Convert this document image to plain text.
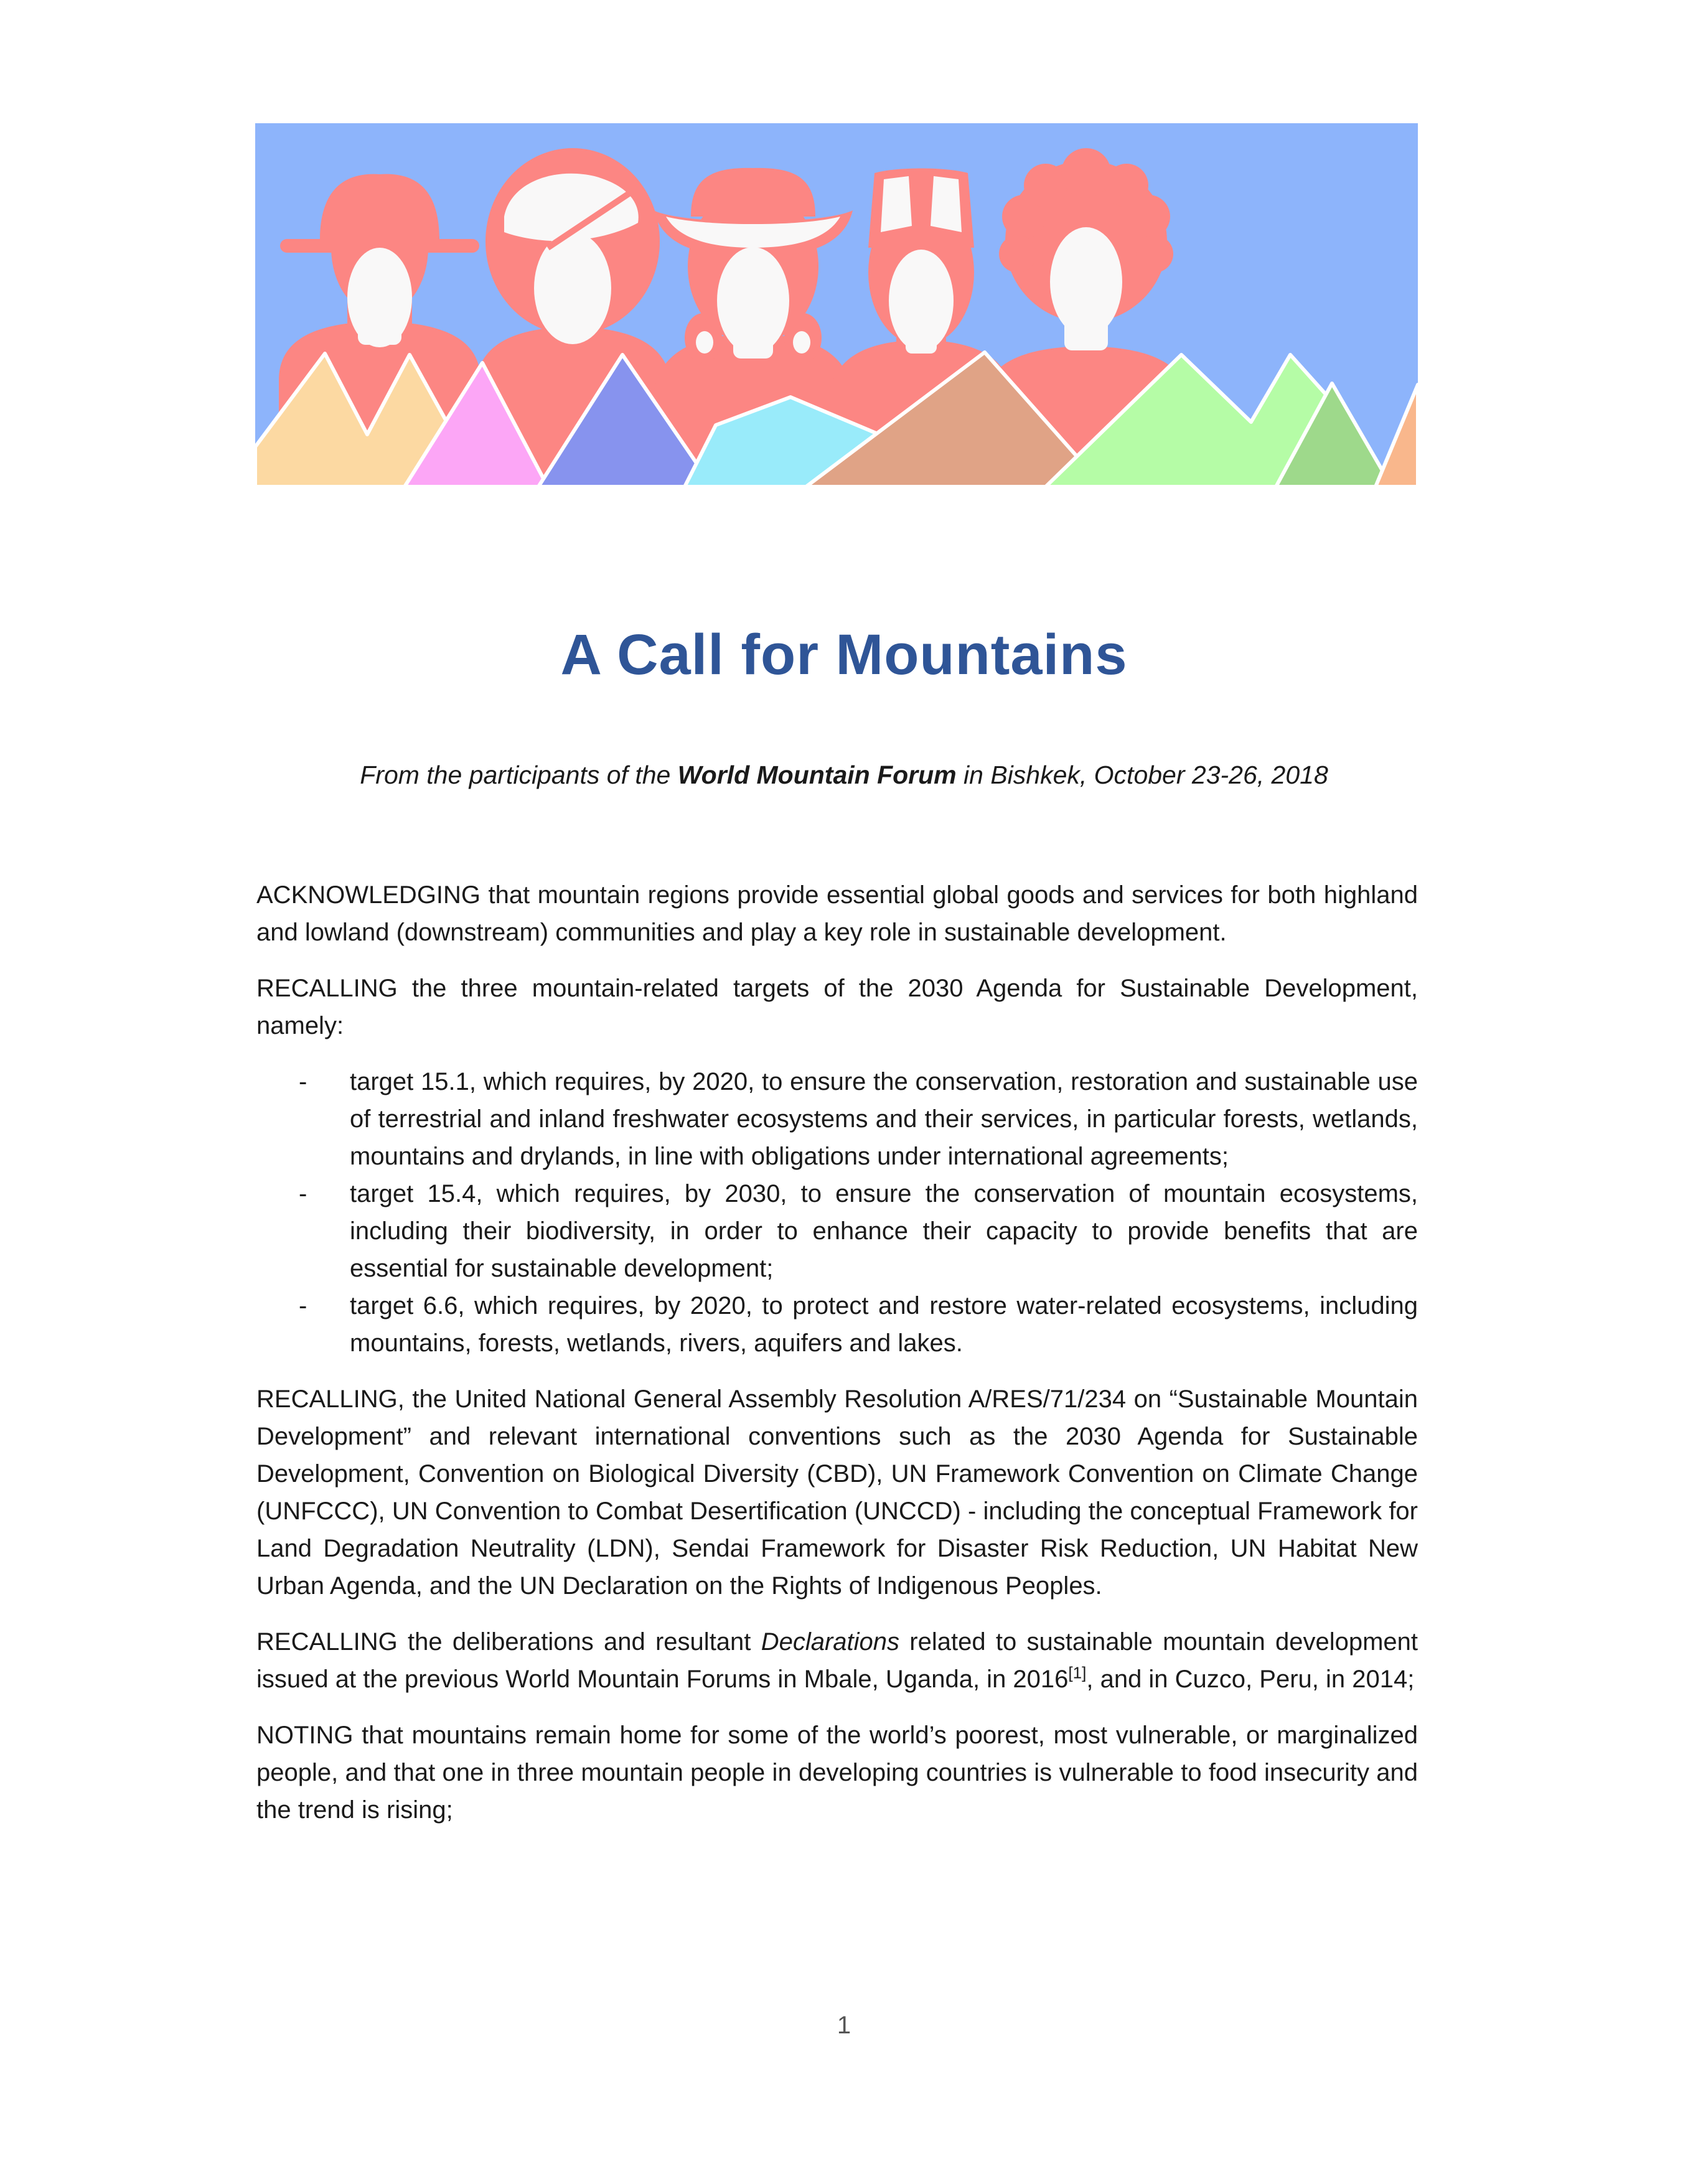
A Call for Mountains

From the participants of the World Mountain Forum in Bishkek, October 23-26, 2018

ACKNOWLEDGING that mountain regions provide essential global goods and services for both highland and lowland (downstream) communities and play a key role in sustainable development.

RECALLING the three mountain-related targets of the 2030 Agenda for Sustainable Development, namely:

- target 15.1, which requires, by 2020, to ensure the conservation, restoration and sustainable use of terrestrial and inland freshwater ecosystems and their services, in particular forests, wetlands, mountains and drylands, in line with obligations under international agreements;
- target 15.4, which requires, by 2030, to ensure the conservation of mountain ecosystems, including their biodiversity, in order to enhance their capacity to provide benefits that are essential for sustainable development;
- target 6.6, which requires, by 2020, to protect and restore water-related ecosystems, including mountains, forests, wetlands, rivers, aquifers and lakes.

RECALLING, the United National General Assembly Resolution A/RES/71/234 on “Sustainable Mountain Development” and relevant international conventions such as the 2030 Agenda for Sustainable Development, Convention on Biological Diversity (CBD), UN Framework Convention on Climate Change (UNFCCC), UN Convention to Combat Desertification (UNCCD) - including the conceptual Framework for Land Degradation Neutrality (LDN), Sendai Framework for Disaster Risk Reduction, UN Habitat New Urban Agenda, and the UN Declaration on the Rights of Indigenous Peoples.

RECALLING the deliberations and resultant Declarations related to sustainable mountain development issued at the previous World Mountain Forums in Mbale, Uganda, in 2016[1], and in Cuzco, Peru, in 2014;

NOTING that mountains remain home for some of the world’s poorest, most vulnerable, or marginalized people, and that one in three mountain people in developing countries is vulnerable to food insecurity and the trend is rising;

1
